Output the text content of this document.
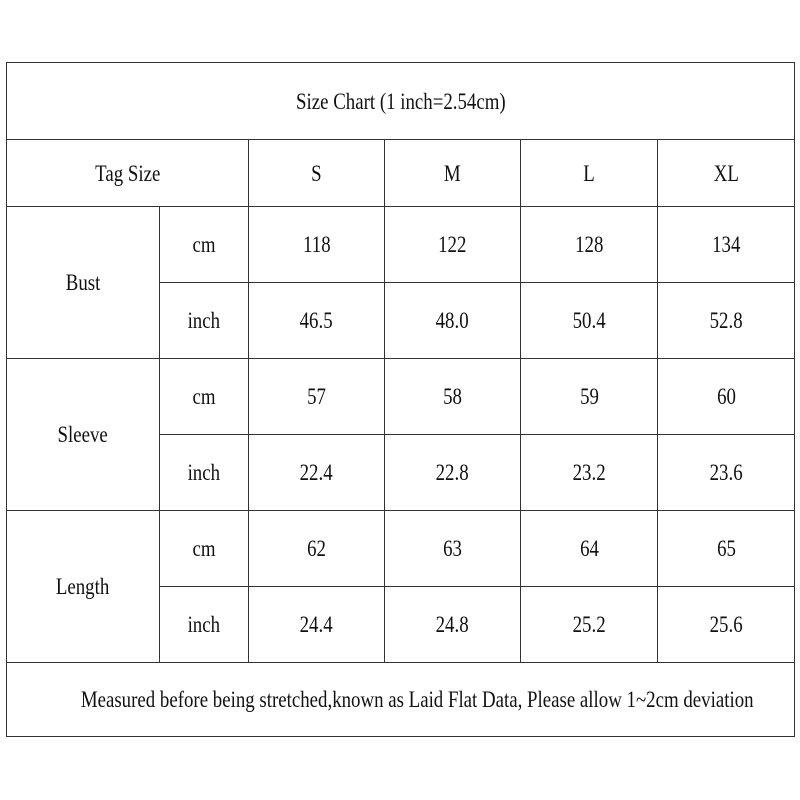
Size Chart (1 inch=2.54cm)					
Tag Size		S	M	L	XL
Bust	cm	118	122	128	134
	inch	46.5	48.0	50.4	52.8
Sleeve	cm	57	58	59	60
	inch	22.4	22.8	23.2	23.6
Length	cm	62	63	64	65
	inch	24.4	24.8	25.2	25.6
Measured before being stretched,known as Laid Flat Data, Please allow 1~2cm deviation					
